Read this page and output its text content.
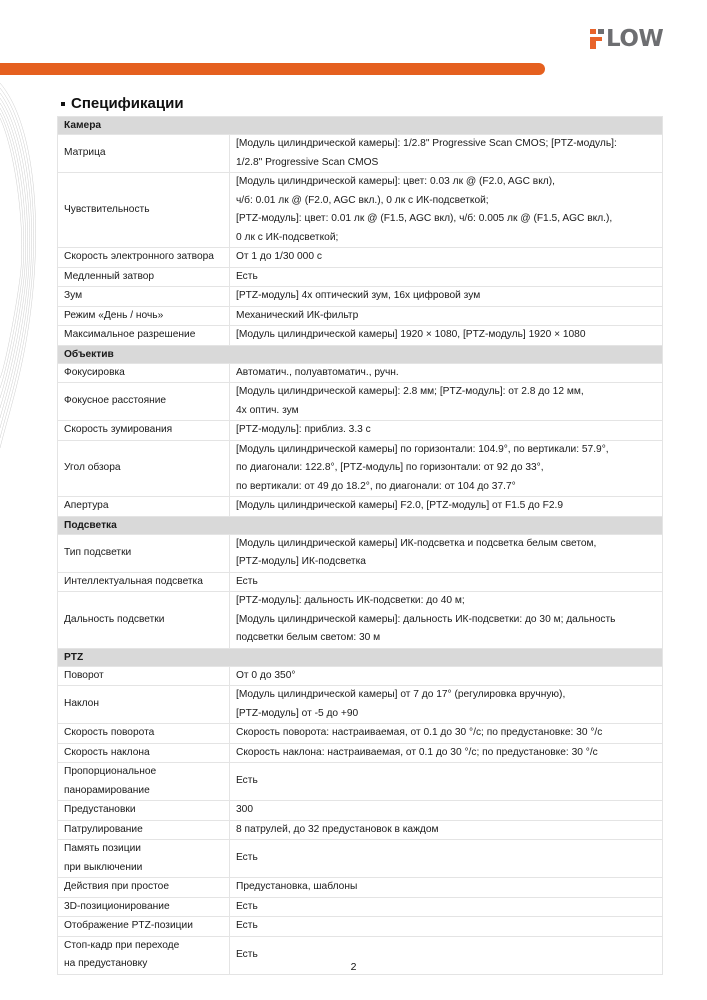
LOW
Спецификации
Камера	

Матрица	[Модуль цилиндрической камеры]: 1/2.8" Progressive Scan CMOS; [PTZ-модуль]:
1/2.8" Progressive Scan CMOS

Чувствительность	[Модуль цилиндрической камеры]: цвет: 0.03 лк @ (F2.0, AGC вкл),
ч/б: 0.01 лк @ (F2.0, AGC вкл.), 0 лк с ИК-подсветкой;
[PTZ-модуль]: цвет: 0.01 лк @ (F1.5, AGC вкл), ч/б: 0.005 лк @ (F1.5, AGC вкл.),
0 лк с ИК-подсветкой;

Скорость электронного затвора	От 1 до 1/30 000 с

Медленный затвор	Есть

Зум	[PTZ-модуль] 4x оптический зум, 16x цифровой зум

Режим «День / ночь»	Механический ИК-фильтр

Максимальное разрешение	[Модуль цилиндрической камеры] 1920 × 1080, [PTZ-модуль] 1920 × 1080

Объектив	

Фокусировка	Автоматич., полуавтоматич., ручн.

Фокусное расстояние	[Модуль цилиндрической камеры]: 2.8 мм; [PTZ-модуль]: от 2.8 до 12 мм,
4x оптич. зум

Скорость зумирования	[PTZ-модуль]: приблиз. 3.3 с

Угол обзора	[Модуль цилиндрической камеры] по горизонтали: 104.9°, по вертикали: 57.9°,
по диагонали: 122.8°, [PTZ-модуль] по горизонтали: от 92 до 33°,
по вертикали: от 49 до 18.2°, по диагонали: от 104 до 37.7°

Апертура	[Модуль цилиндрической камеры] F2.0, [PTZ-модуль] от F1.5 до F2.9

Подсветка	

Тип подсветки	[Модуль цилиндрической камеры] ИК-подсветка и подсветка белым светом,
[PTZ-модуль] ИК-подсветка

Интеллектуальная подсветка	Есть

Дальность подсветки	[PTZ-модуль]: дальность ИК-подсветки: до 40 м;
[Модуль цилиндрической камеры]: дальность ИК-подсветки: до 30 м; дальность
подсветки белым светом: 30 м

PTZ	

Поворот	От 0 до 350°

Наклон	[Модуль цилиндрической камеры] от 7 до 17° (регулировка вручную),
[PTZ-модуль] от -5 до +90

Скорость поворота	Скорость поворота: настраиваемая, от 0.1 до 30 °/с; по предустановке: 30 °/с

Скорость наклона	Скорость наклона: настраиваемая, от 0.1 до 30 °/с; по предустановке: 30 °/с

Пропорциональное
панорамирование	Есть

Предустановки	300

Патрулирование	8 патрулей, до 32 предустановок в каждом

Память позиции
при выключении	Есть

Действия при простое	Предустановка, шаблоны

3D-позиционирование	Есть

Отображение PTZ-позиции	Есть

Стоп-кадр при переходе
на предустановку	Есть
2
